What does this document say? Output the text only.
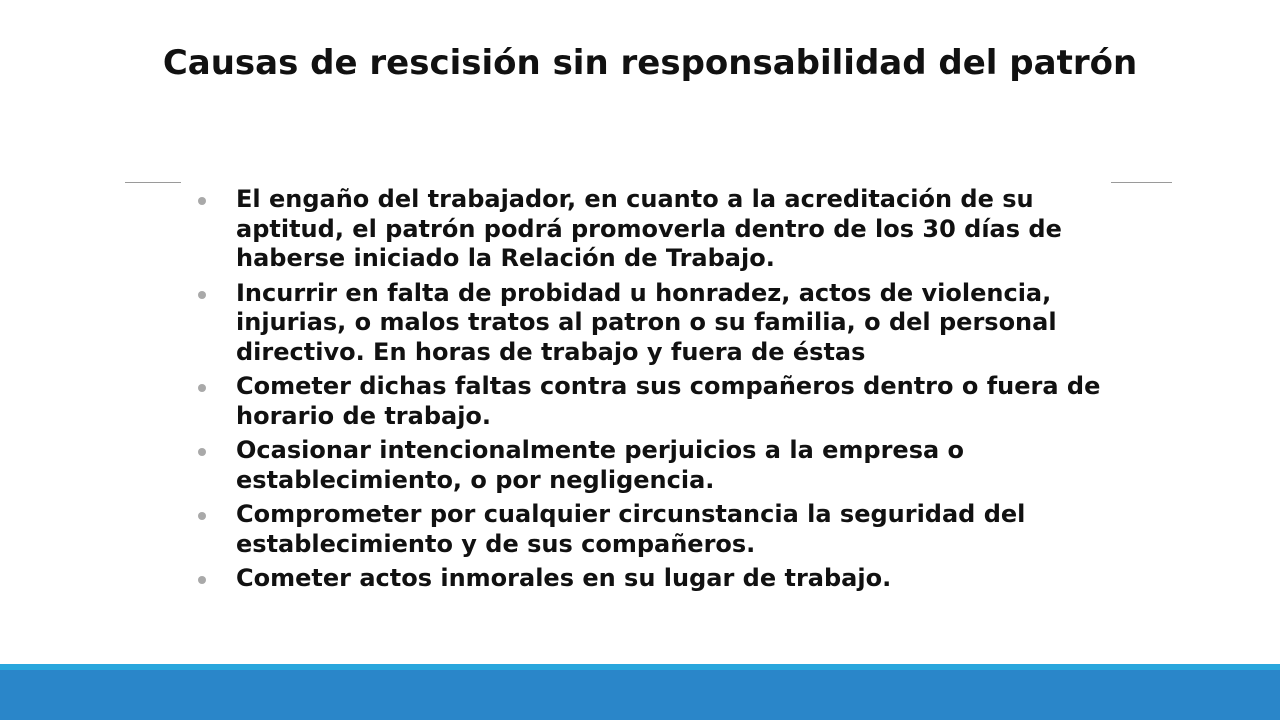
Causas de rescisión sin responsabilidad del patrón
El engaño del trabajador, en cuanto a la acreditación de su aptitud, el patrón podrá promoverla dentro de los 30 días de haberse iniciado la Relación de Trabajo.
Incurrir en falta de probidad u honradez, actos de violencia, injurias, o malos tratos al patron o su familia, o del personal directivo. En horas de trabajo y fuera de éstas
Cometer dichas faltas contra sus compañeros dentro o fuera de horario de trabajo.
Ocasionar intencionalmente perjuicios a la empresa o establecimiento, o por negligencia.
Comprometer por cualquier circunstancia la seguridad del establecimiento y de sus compañeros.
Cometer actos inmorales en su lugar de trabajo.
